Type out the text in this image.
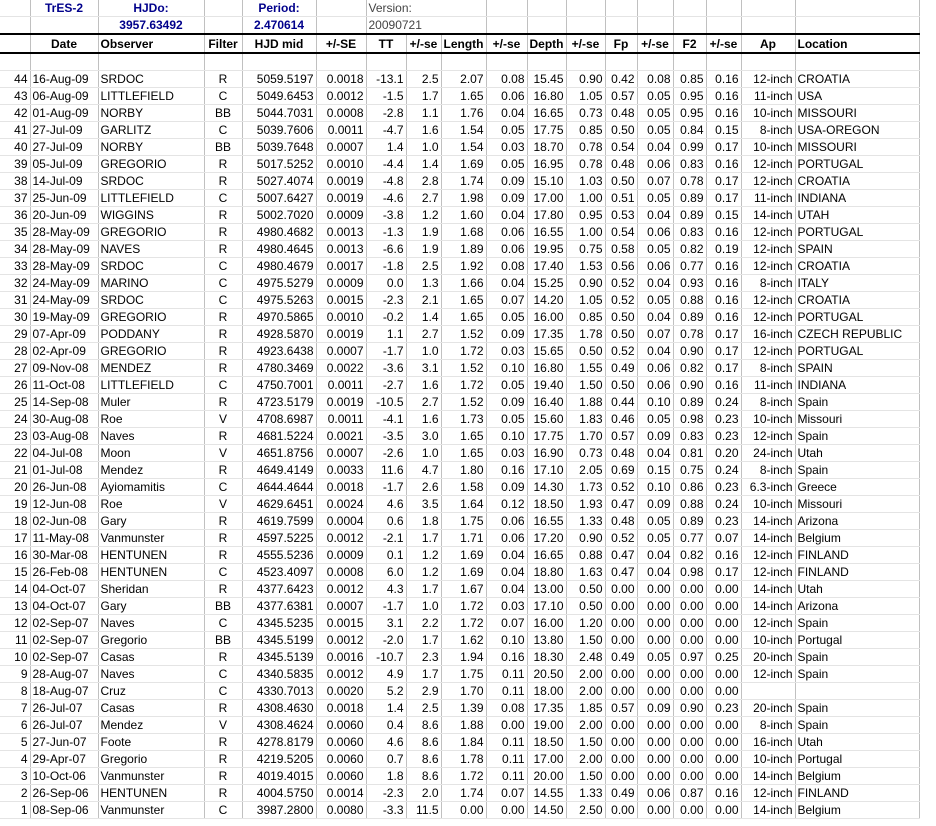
	TrES-2	HJDo:		Period:		Version:											
		3957.63492		2.470614		20090721											
	Date	Observer	Filter	HJD mid	+/-SE	TT	+/-se	Length	+/-se	Depth	+/-se	Fp	+/-se	F2	+/-se	Ap	Location

44	16-Aug-09	SRDOC	R	5059.5197	0.0018	-13.1	2.5	2.07	0.08	15.45	0.90	0.42	0.08	0.85	0.16	12-inch	CROATIA
43	06-Aug-09	LITTLEFIELD	C	5049.6453	0.0012	-1.5	1.7	1.65	0.06	16.80	1.05	0.57	0.05	0.95	0.16	11-inch	USA
42	01-Aug-09	NORBY	BB	5044.7031	0.0008	-2.8	1.1	1.76	0.04	16.65	0.73	0.48	0.05	0.95	0.16	10-inch	MISSOURI
41	27-Jul-09	GARLITZ	C	5039.7606	0.0011	-4.7	1.6	1.54	0.05	17.75	0.85	0.50	0.05	0.84	0.15	8-inch	USA-OREGON
40	27-Jul-09	NORBY	BB	5039.7648	0.0007	1.4	1.0	1.54	0.03	18.70	0.78	0.54	0.04	0.99	0.17	10-inch	MISSOURI
39	05-Jul-09	GREGORIO	R	5017.5252	0.0010	-4.4	1.4	1.69	0.05	16.95	0.78	0.48	0.06	0.83	0.16	12-inch	PORTUGAL
38	14-Jul-09	SRDOC	R	5027.4074	0.0019	-4.8	2.8	1.74	0.09	15.10	1.03	0.50	0.07	0.78	0.17	12-inch	CROATIA
37	25-Jun-09	LITTLEFIELD	C	5007.6427	0.0019	-4.6	2.7	1.98	0.09	17.00	1.00	0.51	0.05	0.89	0.17	11-inch	INDIANA
36	20-Jun-09	WIGGINS	R	5002.7020	0.0009	-3.8	1.2	1.60	0.04	17.80	0.95	0.53	0.04	0.89	0.15	14-inch	UTAH
35	28-May-09	GREGORIO	R	4980.4682	0.0013	-1.3	1.9	1.68	0.06	16.55	1.00	0.54	0.06	0.83	0.16	12-inch	PORTUGAL
34	28-May-09	NAVES	R	4980.4645	0.0013	-6.6	1.9	1.89	0.06	19.95	0.75	0.58	0.05	0.82	0.19	12-inch	SPAIN
33	28-May-09	SRDOC	C	4980.4679	0.0017	-1.8	2.5	1.92	0.08	17.40	1.53	0.56	0.06	0.77	0.16	12-inch	CROATIA
32	24-May-09	MARINO	C	4975.5279	0.0009	0.0	1.3	1.66	0.04	15.25	0.90	0.52	0.04	0.93	0.16	8-inch	ITALY
31	24-May-09	SRDOC	C	4975.5263	0.0015	-2.3	2.1	1.65	0.07	14.20	1.05	0.52	0.05	0.88	0.16	12-inch	CROATIA
30	19-May-09	GREGORIO	R	4970.5865	0.0010	-0.2	1.4	1.65	0.05	16.00	0.85	0.50	0.04	0.89	0.16	12-inch	PORTUGAL
29	07-Apr-09	PODDANY	R	4928.5870	0.0019	1.1	2.7	1.52	0.09	17.35	1.78	0.50	0.07	0.78	0.17	16-inch	CZECH REPUBLIC
28	02-Apr-09	GREGORIO	R	4923.6438	0.0007	-1.7	1.0	1.72	0.03	15.65	0.50	0.52	0.04	0.90	0.17	12-inch	PORTUGAL
27	09-Nov-08	MENDEZ	R	4780.3469	0.0022	-3.6	3.1	1.52	0.10	16.80	1.55	0.49	0.06	0.82	0.17	8-inch	SPAIN
26	11-Oct-08	LITTLEFIELD	C	4750.7001	0.0011	-2.7	1.6	1.72	0.05	19.40	1.50	0.50	0.06	0.90	0.16	11-inch	INDIANA
25	14-Sep-08	Muler	R	4723.5179	0.0019	-10.5	2.7	1.52	0.09	16.40	1.88	0.44	0.10	0.89	0.24	8-inch	Spain
24	30-Aug-08	Roe	V	4708.6987	0.0011	-4.1	1.6	1.73	0.05	15.60	1.83	0.46	0.05	0.98	0.23	10-inch	Missouri
23	03-Aug-08	Naves	R	4681.5224	0.0021	-3.5	3.0	1.65	0.10	17.75	1.70	0.57	0.09	0.83	0.23	12-inch	Spain
22	04-Jul-08	Moon	V	4651.8756	0.0007	-2.6	1.0	1.65	0.03	16.90	0.73	0.48	0.04	0.81	0.20	24-inch	Utah
21	01-Jul-08	Mendez	R	4649.4149	0.0033	11.6	4.7	1.80	0.16	17.10	2.05	0.69	0.15	0.75	0.24	8-inch	Spain
20	26-Jun-08	Ayiomamitis	C	4644.4644	0.0018	-1.7	2.6	1.58	0.09	14.30	1.73	0.52	0.10	0.86	0.23	6.3-inch	Greece
19	12-Jun-08	Roe	V	4629.6451	0.0024	4.6	3.5	1.64	0.12	18.50	1.93	0.47	0.09	0.88	0.24	10-inch	Missouri
18	02-Jun-08	Gary	R	4619.7599	0.0004	0.6	1.8	1.75	0.06	16.55	1.33	0.48	0.05	0.89	0.23	14-inch	Arizona
17	11-May-08	Vanmunster	R	4597.5225	0.0012	-2.1	1.7	1.71	0.06	17.20	0.90	0.52	0.05	0.77	0.07	14-inch	Belgium
16	30-Mar-08	HENTUNEN	R	4555.5236	0.0009	0.1	1.2	1.69	0.04	16.65	0.88	0.47	0.04	0.82	0.16	12-inch	FINLAND
15	26-Feb-08	HENTUNEN	C	4523.4097	0.0008	6.0	1.2	1.69	0.04	18.80	1.63	0.47	0.04	0.98	0.17	12-inch	FINLAND
14	04-Oct-07	Sheridan	R	4377.6423	0.0012	4.3	1.7	1.67	0.04	13.00	0.50	0.00	0.00	0.00	0.00	14-inch	Utah
13	04-Oct-07	Gary	BB	4377.6381	0.0007	-1.7	1.0	1.72	0.03	17.10	0.50	0.00	0.00	0.00	0.00	14-inch	Arizona
12	02-Sep-07	Naves	C	4345.5235	0.0015	3.1	2.2	1.72	0.07	16.00	1.20	0.00	0.00	0.00	0.00	12-inch	Spain
11	02-Sep-07	Gregorio	BB	4345.5199	0.0012	-2.0	1.7	1.62	0.10	13.80	1.50	0.00	0.00	0.00	0.00	10-inch	Portugal
10	02-Sep-07	Casas	R	4345.5139	0.0016	-10.7	2.3	1.94	0.16	18.30	2.48	0.49	0.05	0.97	0.25	20-inch	Spain
9	28-Aug-07	Naves	C	4340.5835	0.0012	4.9	1.7	1.75	0.11	20.50	2.00	0.00	0.00	0.00	0.00	12-inch	Spain
8	18-Aug-07	Cruz	C	4330.7013	0.0020	5.2	2.9	1.70	0.11	18.00	2.00	0.00	0.00	0.00	0.00		
7	26-Jul-07	Casas	R	4308.4630	0.0018	1.4	2.5	1.39	0.08	17.35	1.85	0.57	0.09	0.90	0.23	20-inch	Spain
6	26-Jul-07	Mendez	V	4308.4624	0.0060	0.4	8.6	1.88	0.00	19.00	2.00	0.00	0.00	0.00	0.00	8-inch	Spain
5	27-Jun-07	Foote	R	4278.8179	0.0060	4.6	8.6	1.84	0.11	18.50	1.50	0.00	0.00	0.00	0.00	16-inch	Utah
4	29-Apr-07	Gregorio	R	4219.5205	0.0060	0.7	8.6	1.78	0.11	17.00	2.00	0.00	0.00	0.00	0.00	10-inch	Portugal
3	10-Oct-06	Vanmunster	R	4019.4015	0.0060	1.8	8.6	1.72	0.11	20.00	1.50	0.00	0.00	0.00	0.00	14-inch	Belgium
2	26-Sep-06	HENTUNEN	R	4004.5750	0.0014	-2.3	2.0	1.74	0.07	14.55	1.33	0.49	0.06	0.87	0.16	12-inch	FINLAND
1	08-Sep-06	Vanmunster	C	3987.2800	0.0080	-3.3	11.5	0.00	0.00	14.50	2.50	0.00	0.00	0.00	0.00	14-inch	Belgium
